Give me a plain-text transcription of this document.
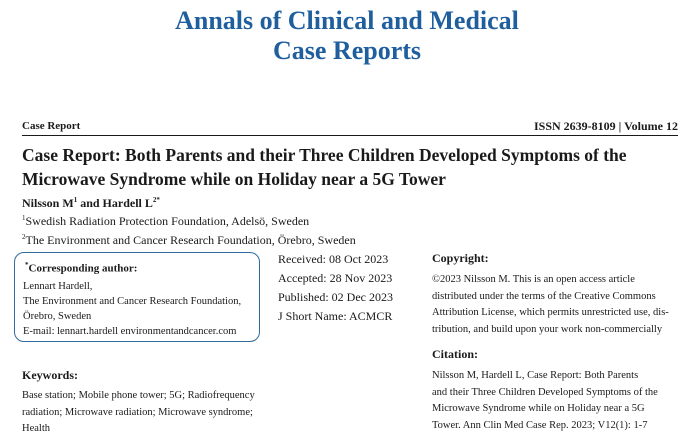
Annals of Clinical and Medical
Case Reports
Case Report	ISSN 2639-8109 | Volume 12
Case Report: Both Parents and their Three Children Developed Symptoms of the
Microwave Syndrome while on Holiday near a 5G Tower
Nilsson $M^1$ and Hardell $L^{2*}$
$^1$Swedish Radiation Protection Foundation, Adelsö, Sweden
$^2$The Environment and Cancer Research Foundation, Örebro, Sweden
*Corresponding author:
Lennart Hardell,
The Environment and Cancer Research Foundation,
Örebro, Sweden
E-mail: lennart.hardell environmentandcancer.com
Received: 08 Oct 2023
Accepted: 28 Nov 2023
Published: 02 Dec 2023
J Short Name: ACMCR
Copyright:
©2023 Nilsson M. This is an open access article
distributed under the terms of the Creative Commons
Attribution License, which permits unrestricted use, dis-
tribution, and build upon your work non-commercially
Citation:
Nilsson M, Hardell L, Case Report: Both Parents
and their Three Children Developed Symptoms of the
Microwave Syndrome while on Holiday near a 5G
Tower. Ann Clin Med Case Rep. 2023; V12(1): 1-7
Keywords:
Base station; Mobile phone tower; 5G; Radiofrequency
radiation; Microwave radiation; Microwave syndrome;
Health
